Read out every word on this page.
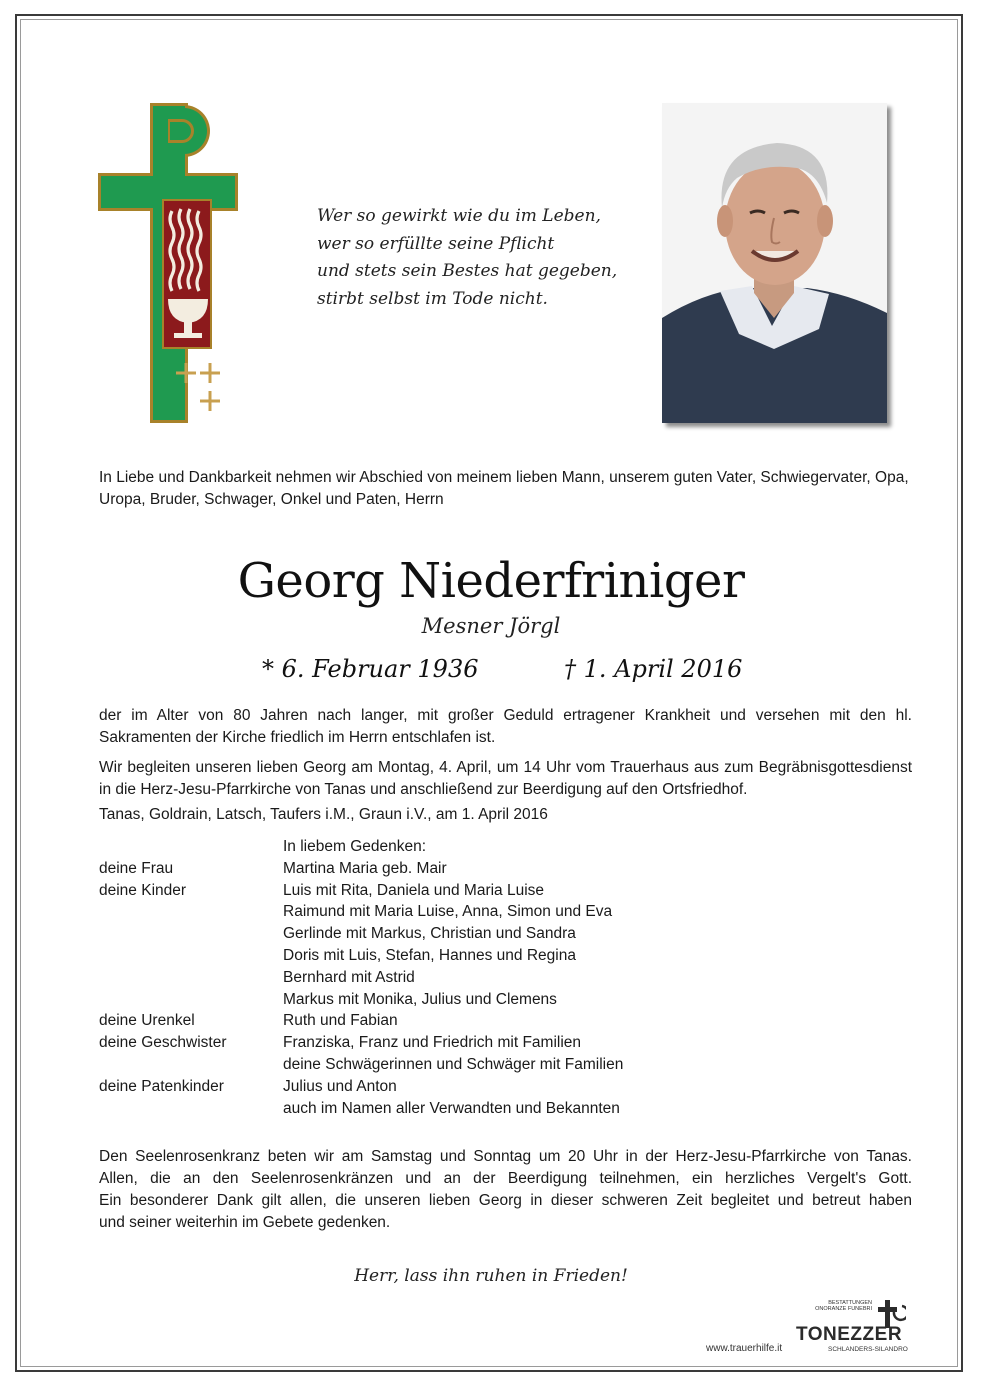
Wer so gewirkt wie du im Leben,
wer so erfüllte seine Pflicht
und stets sein Bestes hat gegeben,
stirbt selbst im Tode nicht.
In Liebe und Dankbarkeit nehmen wir Abschied von meinem lieben Mann, unserem guten Vater, Schwiegervater, Opa, Uropa, Bruder, Schwager, Onkel und Paten, Herrn
Georg Niederfriniger
Mesner Jörgl
* 6. Februar 1936	† 1. April 2016
der im Alter von 80 Jahren nach langer, mit großer Geduld ertragener Krankheit und versehen mit den hl. Sakramenten der Kirche friedlich im Herrn entschlafen ist.
Wir begleiten unseren lieben Georg am Montag, 4. April, um 14 Uhr vom Trauerhaus aus zum Begräbnisgottesdienst in die Herz-Jesu-Pfarrkirche von Tanas und anschließend zur Beerdigung auf den Ortsfriedhof.
Tanas, Goldrain, Latsch, Taufers i.M., Graun i.V., am 1. April 2016
In liebem Gedenken:
deine Frau	Martina Maria geb. Mair
deine Kinder	Luis mit Rita, Daniela und Maria Luise
Raimund mit Maria Luise, Anna, Simon und Eva
Gerlinde mit Markus, Christian und Sandra
Doris mit Luis, Stefan, Hannes und Regina
Bernhard mit Astrid
Markus mit Monika, Julius und Clemens
deine Urenkel	Ruth und Fabian
deine Geschwister	Franziska, Franz und Friedrich mit Familien
deine Schwägerinnen und Schwäger mit Familien
deine Patenkinder	Julius und Anton
auch im Namen aller Verwandten und Bekannten
Den Seelenrosenkranz beten wir am Samstag und Sonntag um 20 Uhr in der Herz-Jesu-Pfarrkirche von Tanas.
Allen, die an den Seelenrosenkränzen und an der Beerdigung teilnehmen, ein herzliches Vergelt's Gott.
Ein besonderer Dank gilt allen, die unseren lieben Georg in dieser schweren Zeit begleitet und betreut haben
und seiner weiterhin im Gebete gedenken.
Herr, lass ihn ruhen in Frieden!
www.trauerhilfe.it
BESTATTUNGEN ONORANZE FUNEBRI
TONEZZER
SCHLANDERS-SILANDRO
